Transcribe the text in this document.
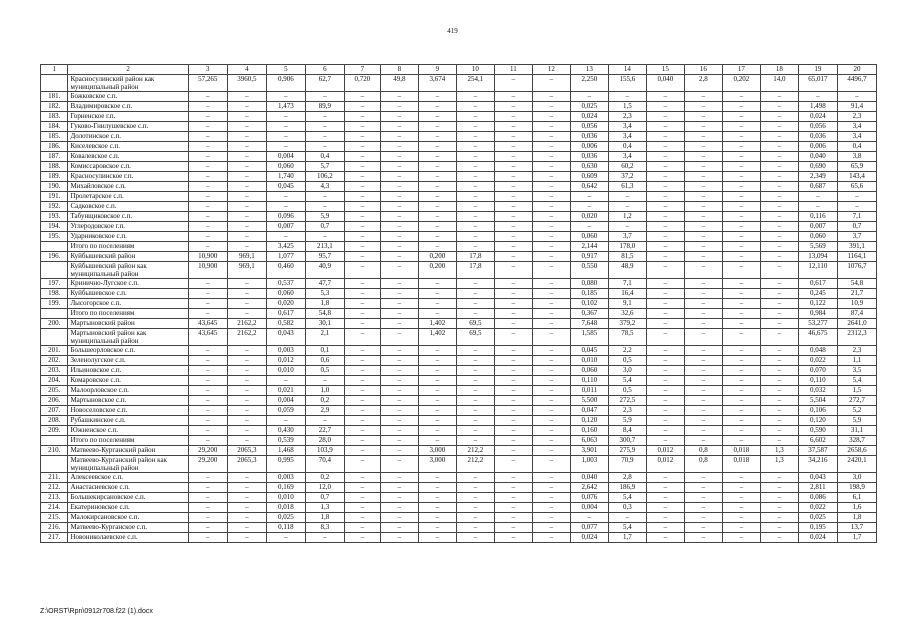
419
1	2	3	4	5	6	7	8	9	10	11	12	13	14	15	16	17	18	19	20
	Красносулинский район как муниципальный район	57,265	3960,5	0,906	62,7	0,720	49,8	3,674	254,1	–	–	2,250	155,6	0,040	2,8	0,202	14,0	65,017	4496,7
181.	Божковское с.п.	–	–	–	–	–	–	–	–	–	–	–	–	–	–	–	–	–	–
182.	Владимировское с.п.	–	–	1,473	89,9	–	–	–	–	–	–	0,025	1,5	–	–	–	–	1,498	91,4
183.	Горненское г.п.	–	–	–	–	–	–	–	–	–	–	0,024	2,3	–	–	–	–	0,024	2,3
184.	Гуково-Гнилушевское с.п.	–	–	–	–	–	–	–	–	–	–	0,056	3,4	–	–	–	–	0,056	3,4
185.	Долотинское с.п.	–	–	–	–	–	–	–	–	–	–	0,036	3,4	–	–	–	–	0,036	3,4
186.	Киселевское с.п.	–	–	–	–	–	–	–	–	–	–	0,006	0,4	–	–	–	–	0,006	0,4
187.	Ковалевское с.п.	–	–	0,004	0,4	–	–	–	–	–	–	0,036	3,4	–	–	–	–	0,040	3,8
188.	Комиссаровское с.п.	–	–	0,060	5,7	–	–	–	–	–	–	0,630	60,2	–	–	–	–	0,690	65,9
189.	Красносулинское г.п.	–	–	1,740	106,2	–	–	–	–	–	–	0,609	37,2	–	–	–	–	2,349	143,4
190.	Михайловское с.п.	–	–	0,045	4,3	–	–	–	–	–	–	0,642	61,3	–	–	–	–	0,687	65,6
191.	Пролетарское с.п.	–	–	–	–	–	–	–	–	–	–	–	–	–	–	–	–	–	–
192.	Садковское с.п.	–	–	–	–	–	–	–	–	–	–	–	–	–	–	–	–	–	–
193.	Табунщиковское с.п.	–	–	0,096	5,9	–	–	–	–	–	–	0,020	1,2	–	–	–	–	0,116	7,1
194.	Углеродовское г.п.	–	–	0,007	0,7	–	–	–	–	–	–	–	–	–	–	–	–	0,007	0,7
195.	Ударниковское с.п.	–	–	–	–	–	–	–	–	–	–	0,060	3,7	–	–	–	–	0,060	3,7
	Итого по поселениям	–	–	3,425	213,1	–	–	–	–	–	–	2,144	178,0	–	–	–	–	5,569	391,1
196.	Куйбышевский район	10,900	969,1	1,077	95,7	–	–	0,200	17,8	–	–	0,917	81,5	–	–	–	–	13,094	1164,1
	Куйбышевский район как муниципальный район	10,900	969,1	0,460	40,9	–	–	0,200	17,8	–	–	0,550	48,9	–	–	–	–	12,110	1076,7
197.	Кринично-Лугское с.п.	–	–	0,537	47,7	–	–	–	–	–	–	0,080	7,1	–	–	–	–	0,617	54,8
198.	Куйбышевское с.п.	–	–	0,060	5,3	–	–	–	–	–	–	0,185	16,4	–	–	–	–	0,245	21,7
199.	Лысогорское с.п.	–	–	0,020	1,8	–	–	–	–	–	–	0,102	9,1	–	–	–	–	0,122	10,9
	Итого по поселениям	–	–	0,617	54,8	–	–	–	–	–	–	0,367	32,6	–	–	–	–	0,984	87,4
200.	Мартыновский район	43,645	2162,2	0,582	30,1	–	–	1,402	69,5	–	–	7,648	379,2	–	–	–	–	53,277	2641,0
	Мартыновский район как муниципальный район	43,645	2162,2	0,043	2,1	–	–	1,402	69,5	–	–	1,585	78,5	–	–	–	–	46,675	2312,3
201.	Большеорловское с.п.	–	–	0,003	0,1	–	–	–	–	–	–	0,045	2,2	–	–	–	–	0,048	2,3
202.	Зеленолугское с.п.	–	–	0,012	0,6	–	–	–	–	–	–	0,010	0,5	–	–	–	–	0,022	1,1
203.	Ильиновское с.п.	–	–	0,010	0,5	–	–	–	–	–	–	0,060	3,0	–	–	–	–	0,070	3,5
204.	Комаровское с.п.	–	–	–	–	–	–	–	–	–	–	0,110	5,4	–	–	–	–	0,110	5,4
205.	Малоорловское с.п.	–	–	0,021	1,0	–	–	–	–	–	–	0,011	0,5	–	–	–	–	0,032	1,5
206.	Мартыновское с.п.	–	–	0,004	0,2	–	–	–	–	–	–	5,500	272,5	–	–	–	–	5,504	272,7
207.	Новоселовское с.п.	–	–	0,059	2,9	–	–	–	–	–	–	0,047	2,3	–	–	–	–	0,106	5,2
208.	Рубашкинское с.п.	–	–	–	–	–	–	–	–	–	–	0,120	5,9	–	–	–	–	0,120	5,9
209.	Южненское с.п.	–	–	0,430	22,7	–	–	–	–	–	–	0,160	8,4	–	–	–	–	0,590	31,1
	Итого по поселениям	–	–	0,539	28,0	–	–	–	–	–	–	6,063	300,7	–	–	–	–	6,602	328,7
210.	Матвеево-Курганский район	29,200	2065,3	1,468	103,9	–	–	3,000	212,2	–	–	3,901	275,9	0,012	0,8	0,018	1,3	37,587	2658,6
	Матвеево-Курганский район как муниципальный район	29,200	2065,3	0,995	70,4	–	–	3,000	212,2	–	–	1,003	70,9	0,012	0,8	0,018	1,3	34,216	2420,1
211.	Алексеевское с.п.	–	–	0,003	0,2	–	–	–	–	–	–	0,040	2,8	–	–	–	–	0,043	3,0
212.	Анастасиевское с.п.	–	–	0,169	12,0	–	–	–	–	–	–	2,642	186,9	–	–	–	–	2,811	198,9
213.	Большекирсановское с.п.	–	–	0,010	0,7	–	–	–	–	–	–	0,076	5,4	–	–	–	–	0,086	6,1
214.	Екатериновское с.п.	–	–	0,018	1,3	–	–	–	–	–	–	0,004	0,3	–	–	–	–	0,022	1,6
215.	Малокирсановское с.п.	–	–	0,025	1,8	–	–	–	–	–	–	–	–	–	–	–	–	0,025	1,8
216.	Матвеево-Курганское с.п.	–	–	0,118	8,3	–	–	–	–	–	–	0,077	5,4	–	–	–	–	0,195	13,7
217.	Новониколаевское с.п.	–	–	–	–	–	–	–	–	–	–	0,024	1,7	–	–	–	–	0,024	1,7
Z:\ORST\Rpn\0912r708.f22 (1).docx
